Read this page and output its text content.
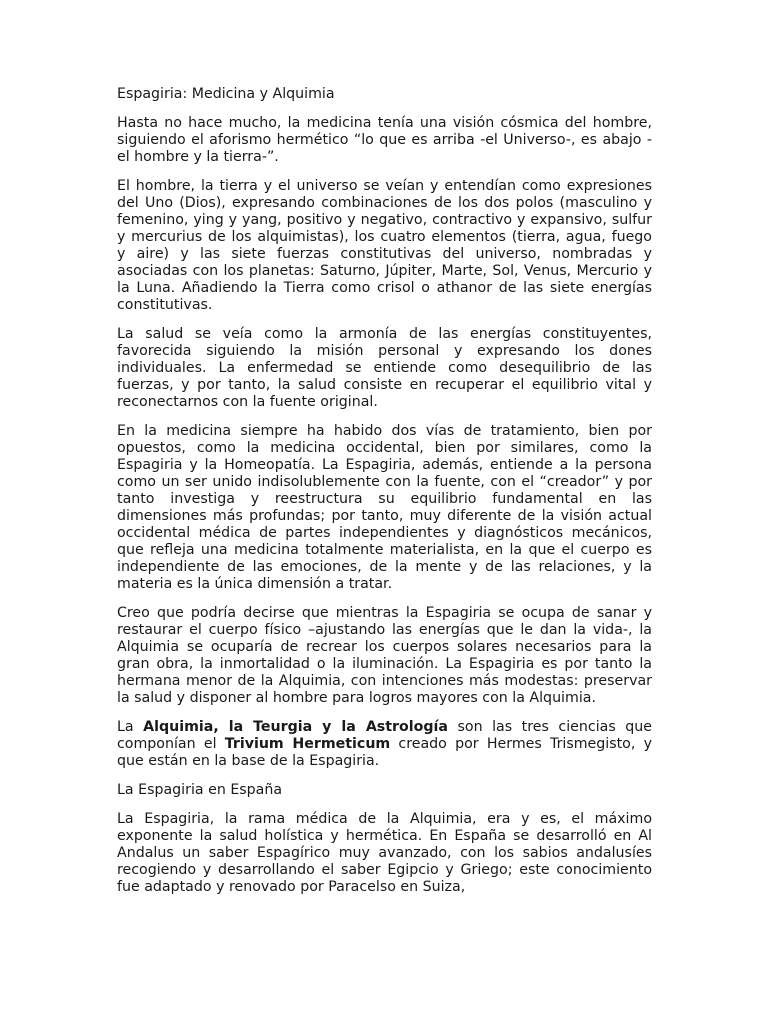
Espagiria: Medicina y Alquimia

Hasta no hace mucho, la medicina tenía una visión cósmica del hombre, siguiendo el aforismo hermético “lo que es arriba -el Universo-, es abajo -el hombre y la tierra-”.

El hombre, la tierra y el universo se veían y entendían como expresiones del Uno (Dios), expresando combinaciones de los dos polos (masculino y femenino, ying y yang, positivo y negativo, contractivo y expansivo, sulfur y mercurius de los alquimistas), los cuatro elementos (tierra, agua, fuego y aire) y las siete fuerzas constitutivas del universo, nombradas y asociadas con los planetas: Saturno, Júpiter, Marte, Sol, Venus, Mercurio y la Luna. Añadiendo la Tierra como crisol o athanor de las siete energías constitutivas.

La salud se veía como la armonía de las energías constituyentes, favorecida siguiendo la misión personal y expresando los dones individuales. La enfermedad se entiende como desequilibrio de las fuerzas, y por tanto, la salud consiste en recuperar el equilibrio vital y reconectarnos con la fuente original.

En la medicina siempre ha habido dos vías de tratamiento, bien por opuestos, como la medicina occidental, bien por similares, como la Espagiria y la Homeopatía. La Espagiria, además, entiende a la persona como un ser unido indisolublemente con la fuente, con el “creador” y por tanto investiga y reestructura su equilibrio fundamental en las dimensiones más profundas; por tanto, muy diferente de la visión actual occidental médica de partes independientes y diagnósticos mecánicos, que refleja una medicina totalmente materialista, en la que el cuerpo es independiente de las emociones, de la mente y de las relaciones, y la materia es la única dimensión a tratar.

Creo que podría decirse que mientras la Espagiria se ocupa de sanar y restaurar el cuerpo físico –ajustando las energías que le dan la vida-, la Alquimia se ocuparía de recrear los cuerpos solares necesarios para la gran obra, la inmortalidad o la iluminación. La Espagiria es por tanto la hermana menor de la Alquimia, con intenciones más modestas: preservar la salud y disponer al hombre para logros mayores con la Alquimia.

La Alquimia, la Teurgia y la Astrología son las tres ciencias que componían el Trivium Hermeticum creado por Hermes Trismegisto, y que están en la base de la Espagiria.

La Espagiria en España

La Espagiria, la rama médica de la Alquimia, era y es, el máximo exponente la salud holística y hermética. En España se desarrolló en Al Andalus un saber Espagírico muy avanzado, con los sabios andalusíes recogiendo y desarrollando el saber Egipcio y Griego; este conocimiento fue adaptado y renovado por Paracelso en Suiza,
